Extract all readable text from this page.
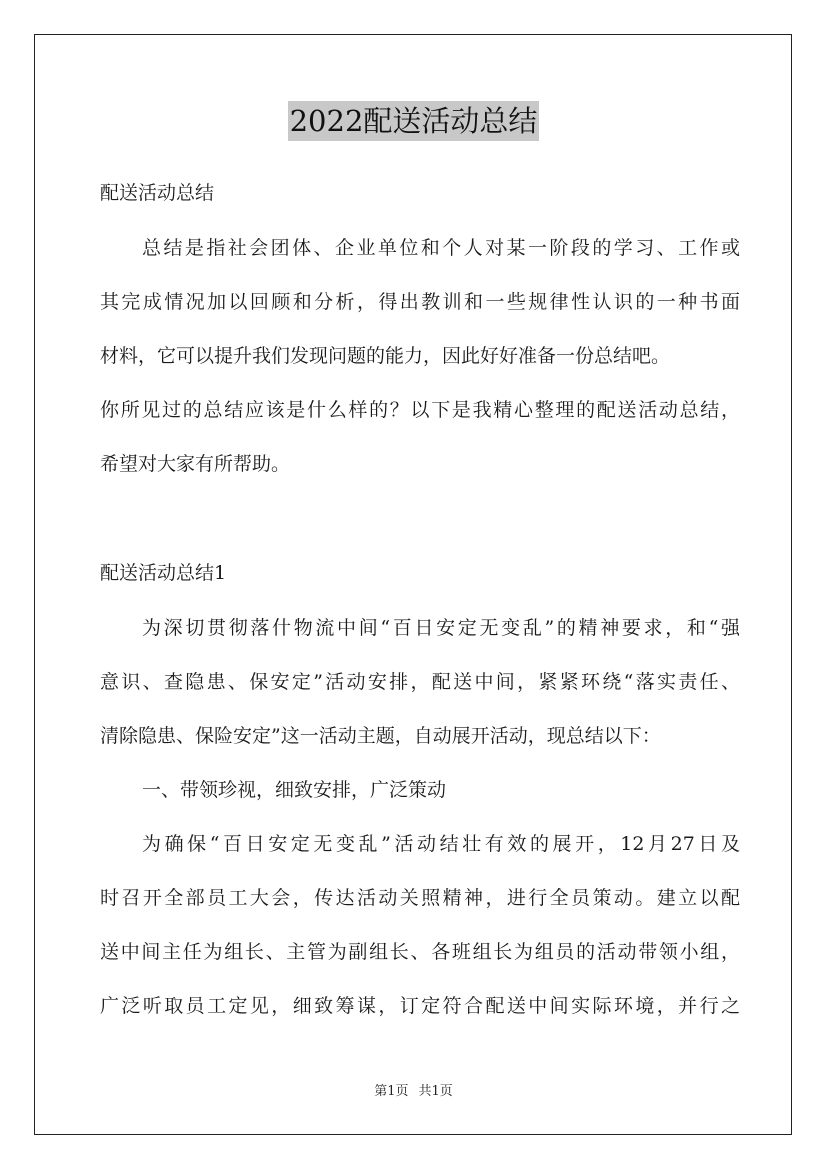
2022配送活动总结
配送活动总结
总结是指社会团体、企业单位和个人对某一阶段的学习、工作或
其完成情况加以回顾和分析，得出教训和一些规律性认识的一种书面
材料，它可以提升我们发现问题的能力，因此好好准备一份总结吧。
你所见过的总结应该是什么样的？以下是我精心整理的配送活动总结，
希望对大家有所帮助。
配送活动总结1
为深切贯彻落什物流中间“百日安定无变乱”的精神要求，和“强
意识、查隐患、保安定”活动安排，配送中间，紧紧环绕“落实责任、
清除隐患、保险安定”这一活动主题，自动展开活动，现总结以下：
一、带领珍视，细致安排，广泛策动
为确保“百日安定无变乱”活动结壮有效的展开，12月27日及
时召开全部员工大会，传达活动关照精神，进行全员策动。建立以配
送中间主任为组长、主管为副组长、各班组长为组员的活动带领小组，
广泛听取员工定见，细致筹谋，订定符合配送中间实际环境，并行之
第1页 共1页
